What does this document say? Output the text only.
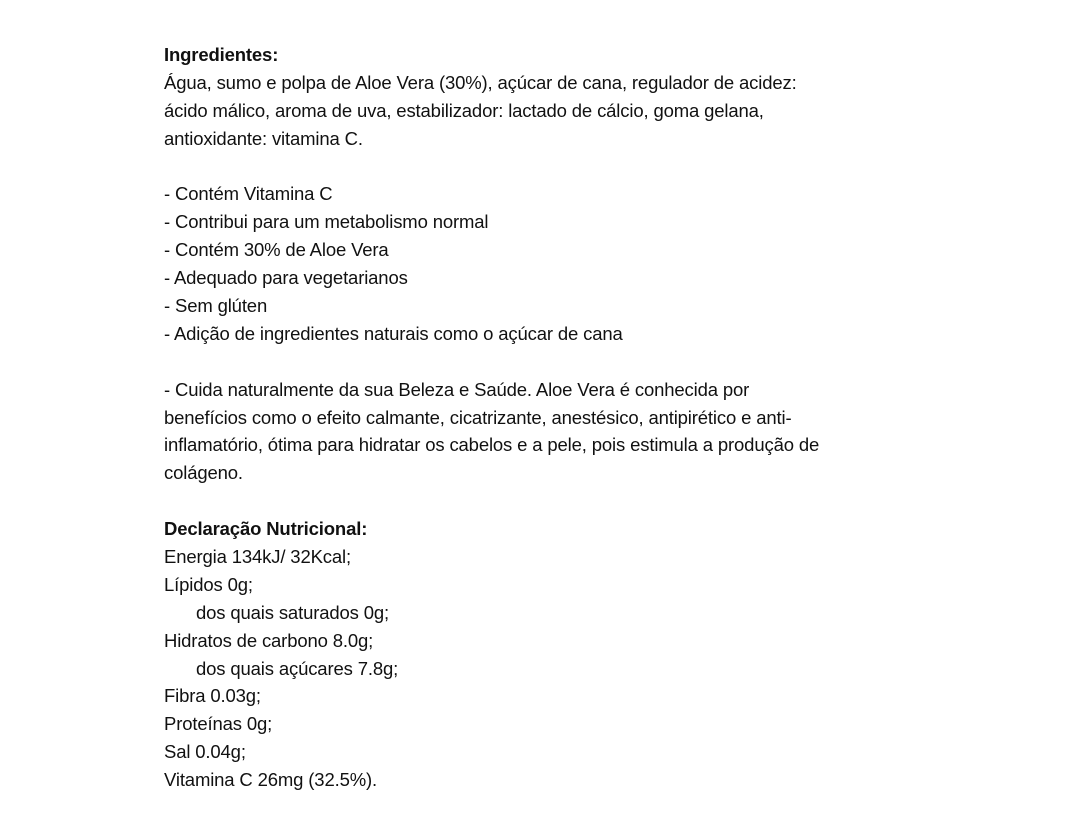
Ingredientes:
Água, sumo e polpa de Aloe Vera (30%), açúcar de cana, regulador de acidez:
ácido málico, aroma de uva, estabilizador: lactado de cálcio, goma gelana,
antioxidante: vitamina C.
- Contém Vitamina C
- Contribui para um metabolismo normal
- Contém 30% de Aloe Vera
- Adequado para vegetarianos
- Sem glúten
- Adição de ingredientes naturais como o açúcar de cana
- Cuida naturalmente da sua Beleza e Saúde. Aloe Vera é conhecida por
benefícios como o efeito calmante, cicatrizante, anestésico, antipirético e anti-
inflamatório, ótima para hidratar os cabelos e a pele, pois estimula a produção de
colágeno.
Declaração Nutricional:
Energia 134kJ/ 32Kcal;
Lípidos 0g;
dos quais saturados 0g;
Hidratos de carbono 8.0g;
dos quais açúcares 7.8g;
Fibra 0.03g;
Proteínas 0g;
Sal 0.04g;
Vitamina C 26mg (32.5%).
